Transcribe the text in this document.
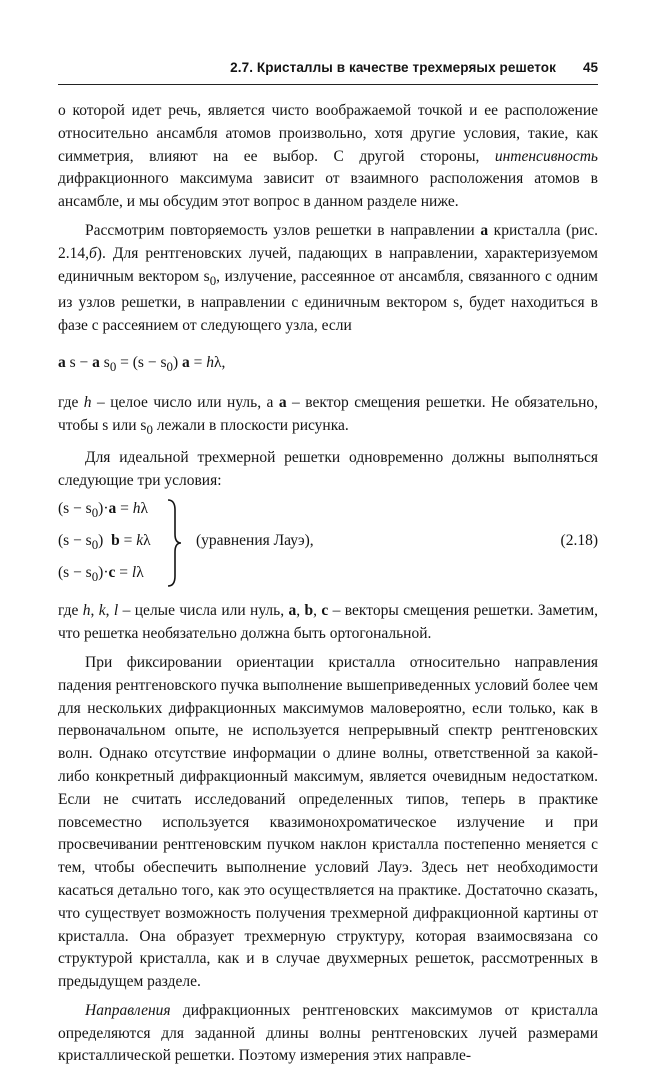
2.7. Кристаллы в качестве трехмеряых решеток 45

о которой идет речь, является чисто воображаемой точкой и ее расположение относительно ансамбля атомов произвольно, хотя другие условия, такие, как симметрия, влияют на ее выбор. С другой стороны, интенсивность дифракционного максимума зависит от взаимного расположения атомов в ансамбле, и мы обсудим этот вопрос в данном разделе ниже.

Рассмотрим повторяемость узлов решетки в направлении a кристалла (рис. 2.14,б). Для рентгеновских лучей, падающих в направлении, характеризуемом единичным вектором $s_0$, излучение, рассеянное от ансамбля, связанного с одним из узлов решетки, в направлении с единичным вектором s, будет находиться в фазе с рассеянием от следующего узла, если

a s − a $s_0 = (s - s_0) a = h\lambda$,

где h – целое число или нуль, а a – вектор смещения решетки. Не обязательно, чтобы s или $s_0$ лежали в плоскости рисунка.

Для идеальной трехмерной решетки одновременно должны выполняться следующие три условия:

$(s - s_0)\cdot a = h\lambda$
$(s - s_0)$  b = kλ
$(s - s_0)\cdot c = l\lambda$
(уравнения Лауэ),	(2.18)

где h, k, l – целые числа или нуль, a, b, c – векторы смещения решетки. Заметим, что решетка необязательно должна быть ортогональной.

При фиксировании ориентации кристалла относительно направления падения рентгеновского пучка выполнение вышеприведенных условий более чем для нескольких дифракционных максимумов маловероятно, если только, как в первоначальном опыте, не используется непрерывный спектр рентгеновских волн. Однако отсутствие информации о длине волны, ответственной за какой-либо конкретный дифракционный максимум, является очевидным недостатком. Если не считать исследований определенных типов, теперь в практике повсеместно используется квазимонохроматическое излучение и при просвечивании рентгеновским пучком наклон кристалла постепенно меняется с тем, чтобы обеспечить выполнение условий Лауэ. Здесь нет необходимости касаться детально того, как это осуществляется на практике. Достаточно сказать, что существует возможность получения трехмерной дифракционной картины от кристалла. Она образует трехмерную структуру, которая взаимосвязана со структурой кристалла, как и в случае двухмерных решеток, рассмотренных в предыдущем разделе.

Направления дифракционных рентгеновских максимумов от кристалла определяются для заданной длины волны рентгеновских лучей размерами кристаллической решетки. Поэтому измерения этих направле-
